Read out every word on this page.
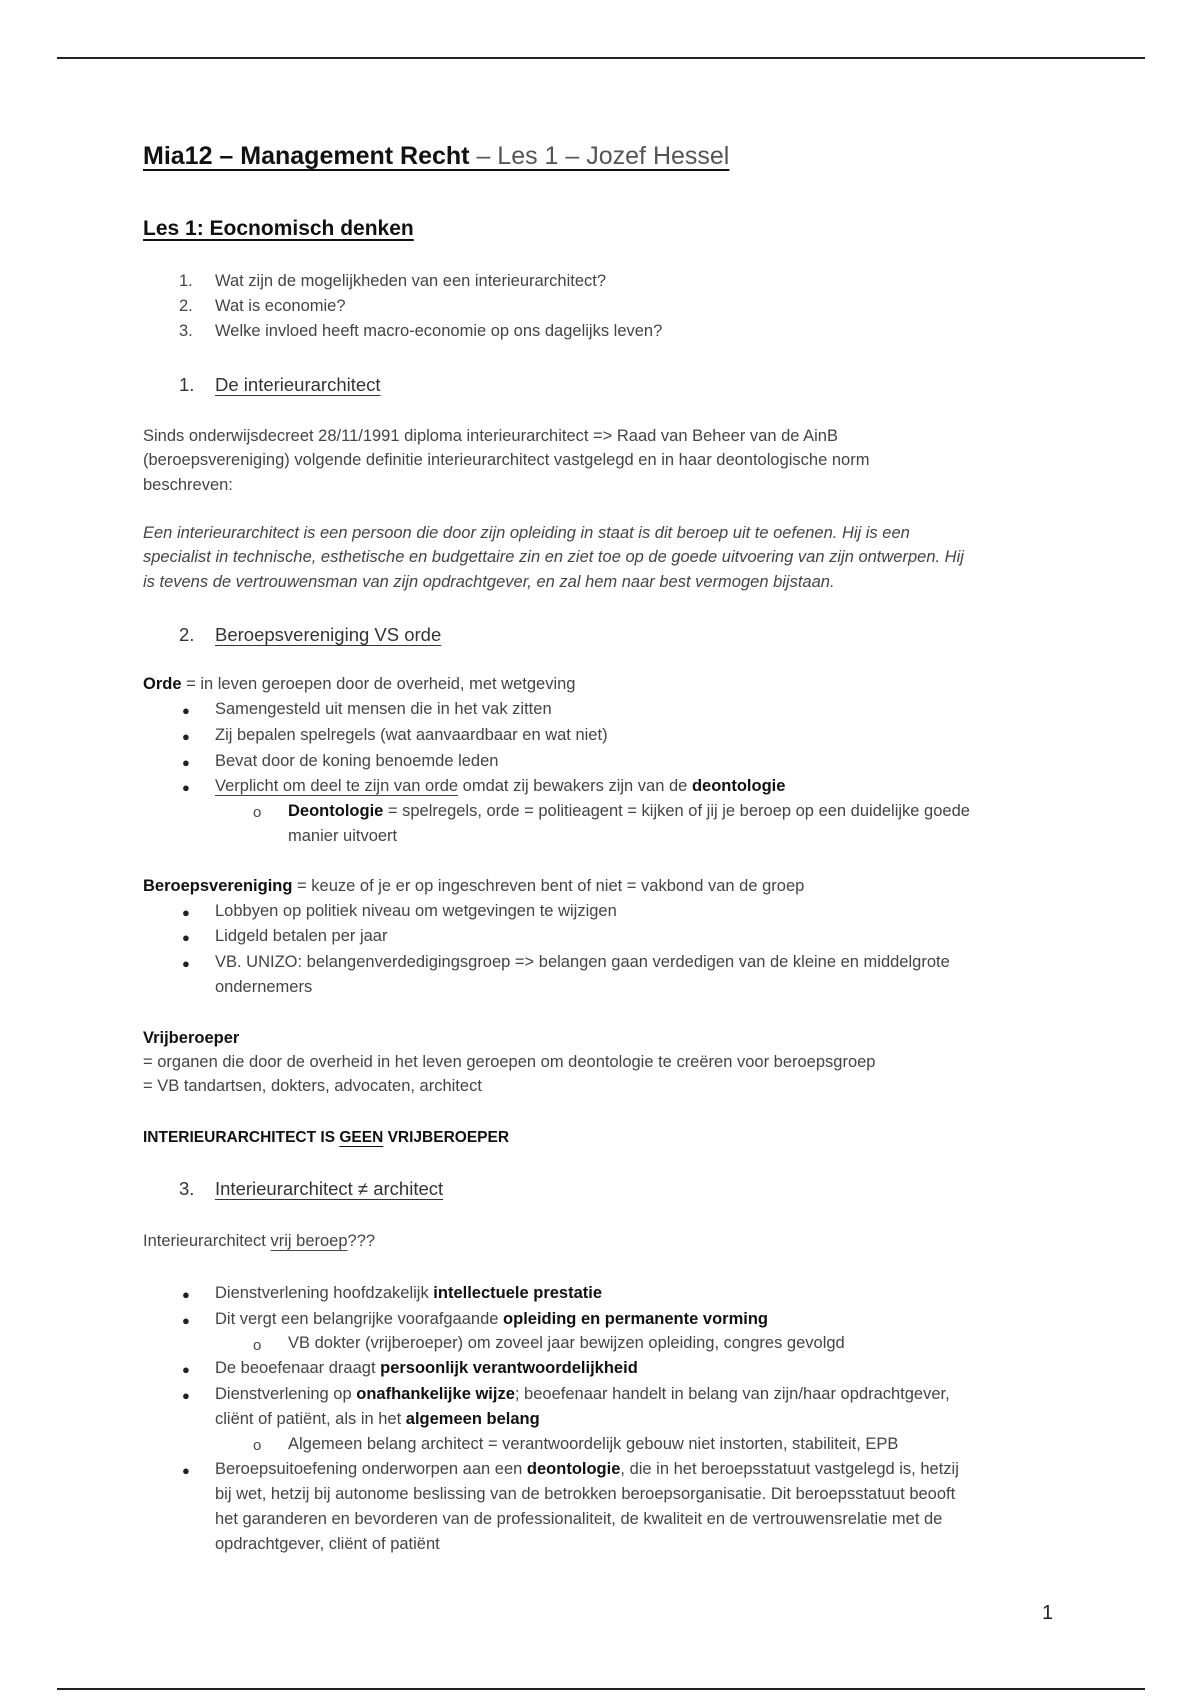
Mia12 – Management Recht – Les 1 – Jozef Hessel
Les 1: Eocnomisch denken
1. Wat zijn de mogelijkheden van een interieurarchitect?
2. Wat is economie?
3. Welke invloed heeft macro-economie op ons dagelijks leven?
1. De interieurarchitect
Sinds onderwijsdecreet 28/11/1991 diploma interieurarchitect => Raad van Beheer van de AinB
(beroepsvereniging) volgende definitie interieurarchitect vastgelegd en in haar deontologische norm
beschreven:
Een interieurarchitect is een persoon die door zijn opleiding in staat is dit beroep uit te oefenen. Hij is een
specialist in technische, esthetische en budgettaire zin en ziet toe op de goede uitvoering van zijn ontwerpen. Hij
is tevens de vertrouwensman van zijn opdrachtgever, en zal hem naar best vermogen bijstaan.
2. Beroepsvereniging VS orde
Orde = in leven geroepen door de overheid, met wetgeving
● Samengesteld uit mensen die in het vak zitten
● Zij bepalen spelregels (wat aanvaardbaar en wat niet)
● Bevat door de koning benoemde leden
● Verplicht om deel te zijn van orde omdat zij bewakers zijn van de deontologie
o Deontologie = spelregels, orde = politieagent = kijken of jij je beroep op een duidelijke goede
manier uitvoert
Beroepsvereniging = keuze of je er op ingeschreven bent of niet = vakbond van de groep
● Lobbyen op politiek niveau om wetgevingen te wijzigen
● Lidgeld betalen per jaar
● VB. UNIZO: belangenverdedigingsgroep => belangen gaan verdedigen van de kleine en middelgrote
ondernemers
Vrijberoeper
= organen die door de overheid in het leven geroepen om deontologie te creëren voor beroepsgroep
= VB tandartsen, dokters, advocaten, architect
INTERIEURARCHITECT IS GEEN VRIJBEROEPER
3. Interieurarchitect ≠ architect
Interieurarchitect vrij beroep???
● Dienstverlening hoofdzakelijk intellectuele prestatie
● Dit vergt een belangrijke voorafgaande opleiding en permanente vorming
o VB dokter (vrijberoeper) om zoveel jaar bewijzen opleiding, congres gevolgd
● De beoefenaar draagt persoonlijk verantwoordelijkheid
● Dienstverlening op onafhankelijke wijze; beoefenaar handelt in belang van zijn/haar opdrachtgever,
cliënt of patiënt, als in het algemeen belang
o Algemeen belang architect = verantwoordelijk gebouw niet instorten, stabiliteit, EPB
● Beroepsuitoefening onderworpen aan een deontologie, die in het beroepsstatuut vastgelegd is, hetzij
bij wet, hetzij bij autonome beslissing van de betrokken beroepsorganisatie. Dit beroepsstatuut beooft
het garanderen en bevorderen van de professionaliteit, de kwaliteit en de vertrouwensrelatie met de
opdrachtgever, cliënt of patiënt
1
